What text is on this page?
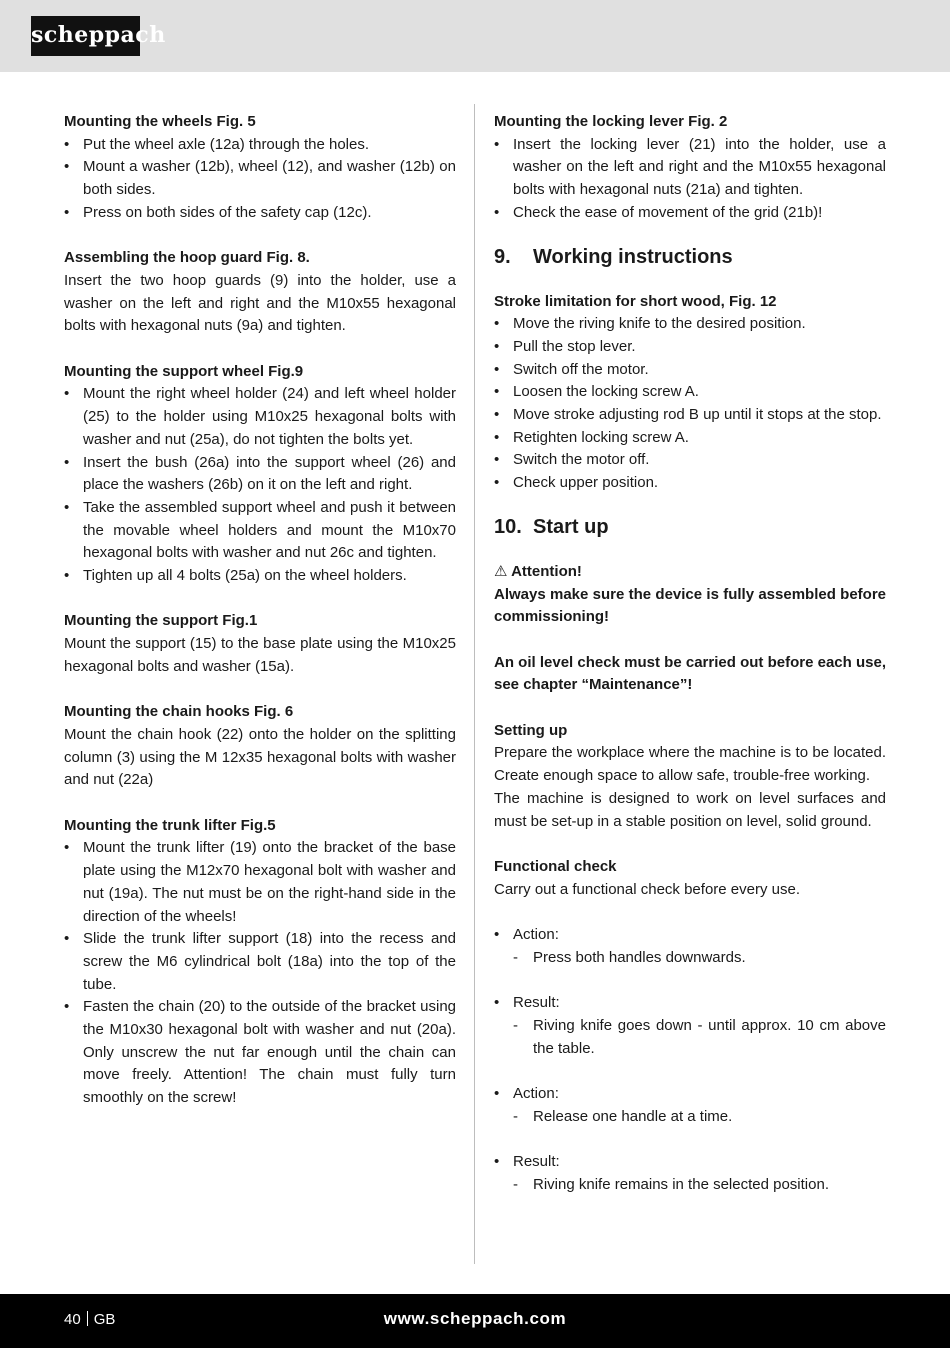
scheppach
Mounting the wheels Fig. 5
• Put the wheel axle (12a) through the holes.
• Mount a washer (12b), wheel (12), and washer (12b) on both sides.
• Press on both sides of the safety cap (12c).
Assembling the hoop guard Fig. 8.

Insert the two hoop guards (9) into the holder, use a washer on the left and right and the M10x55 hexagonal bolts with hexagonal nuts (9a) and tighten.

Mounting the support wheel Fig.9
• Mount the right wheel holder (24) and left wheel holder (25) to the holder using M10x25 hexagonal bolts with washer and nut (25a), do not tighten the bolts yet.
• Insert the bush (26a) into the support wheel (26) and place the washers (26b) on it on the left and right.
• Take the assembled support wheel and push it between the movable wheel holders and mount the M10x70 hexagonal bolts with washer and nut 26c and tighten.
• Tighten up all 4 bolts (25a) on the wheel holders.
Mounting the support Fig.1

Mount the support (15) to the base plate using the M10x25 hexagonal bolts and washer (15a).

Mounting the chain hooks Fig. 6

Mount the chain hook (22) onto the holder on the splitting column (3) using the M 12x35 hexagonal bolts with washer and nut (22a)

Mounting the trunk lifter Fig.5
• Mount the trunk lifter (19) onto the bracket of the base plate using the M12x70 hexagonal bolt with washer and nut (19a). The nut must be on the right-hand side in the direction of the wheels!
• Slide the trunk lifter support (18) into the recess and screw the M6 cylindrical bolt (18a) into the top of the tube.
• Fasten the chain (20) to the outside of the bracket using the M10x30 hexagonal bolt with washer and nut (20a). Only unscrew the nut far enough until the chain can move freely. Attention! The chain must fully turn smoothly on the screw!
Mounting the locking lever Fig. 2
• Insert the locking lever (21) into the holder, use a washer on the left and right and the M10x55 hexagonal bolts with hexagonal nuts (21a) and tighten.
• Check the ease of movement of the grid (21b)!
9. Working instructions
Stroke limitation for short wood, Fig. 12
• Move the riving knife to the desired position.
• Pull the stop lever.
• Switch off the motor.
• Loosen the locking screw A.
• Move stroke adjusting rod B up until it stops at the stop.
• Retighten locking screw A.
• Switch the motor off.
• Check upper position.
10. Start up
⚠ Attention!

Always make sure the device is fully assembled before commissioning!

An oil level check must be carried out before each use, see chapter “Maintenance”!

Setting up

Prepare the workplace where the machine is to be located. Create enough space to allow safe, trouble-free working.

The machine is designed to work on level surfaces and must be set-up in a stable position on level, solid ground.

Functional check

Carry out a functional check before every use.

• Action:
- Press both handles downwards.
• Result:
- Riving knife goes down - until approx. 10 cm above the table.
• Action:
- Release one handle at a time.
• Result:
- Riving knife remains in the selected position.
40 GB	www.scheppach.com
